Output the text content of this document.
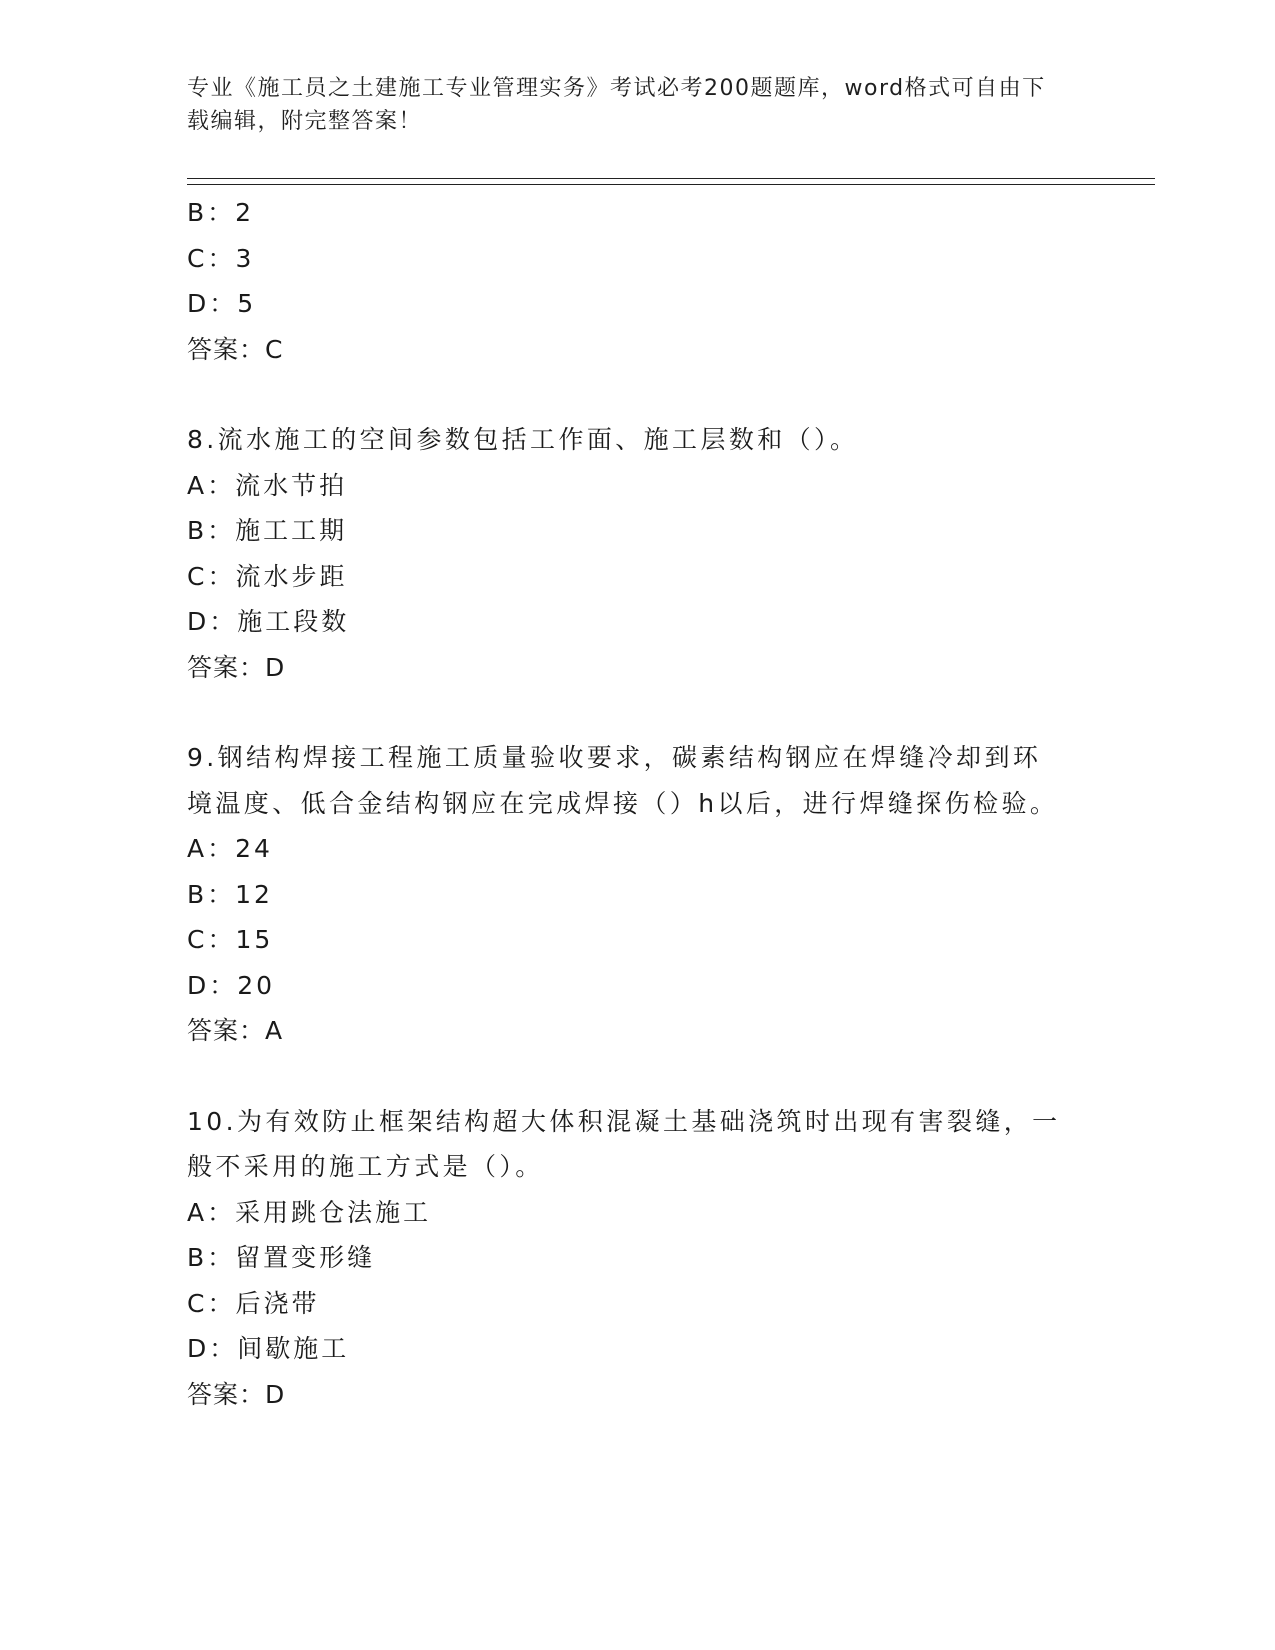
专业《施工员之土建施工专业管理实务》考试必考200题题库，word格式可自由下载编辑，附完整答案！
B：2
C：3
D：5
答案：C
8.流水施工的空间参数包括工作面、施工层数和（）。
A：流水节拍
B：施工工期
C：流水步距
D：施工段数
答案：D
9.钢结构焊接工程施工质量验收要求，碳素结构钢应在焊缝冷却到环境温度、低合金结构钢应在完成焊接（）h以后，进行焊缝探伤检验。
A：24
B：12
C：15
D：20
答案：A
10.为有效防止框架结构超大体积混凝土基础浇筑时出现有害裂缝，一般不采用的施工方式是（）。
A：采用跳仓法施工
B：留置变形缝
C：后浇带
D：间歇施工
答案：D
